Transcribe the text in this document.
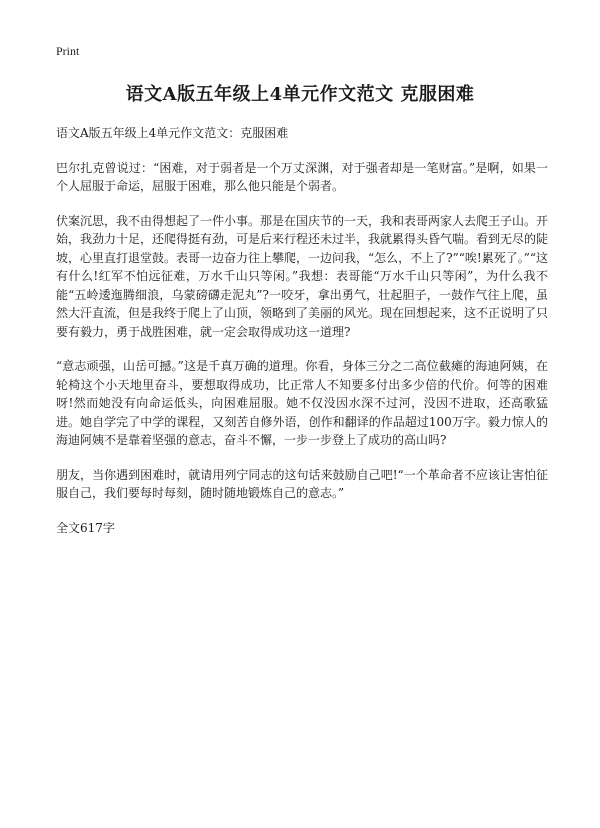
Print
语文A版五年级上4单元作文范文 克服困难

语文A版五年级上4单元作文范文：克服困难

巴尔扎克曾说过：“困难，对于弱者是一个万丈深渊，对于强者却是一笔财富。”是啊，如果一个人屈服于命运，屈服于困难，那么他只能是个弱者。

伏案沉思，我不由得想起了一件小事。那是在国庆节的一天，我和表哥两家人去爬王子山。开始，我劲力十足，还爬得挺有劲，可是后来行程还未过半，我就累得头昏气喘。看到无尽的陡坡，心里直打退堂鼓。表哥一边奋力往上攀爬，一边问我，“怎么，不上了?”“唉!累死了。”“这有什么!红军不怕远征难，万水千山只等闲。”我想：表哥能“万水千山只等闲”，为什么我不能“五岭逶迤腾细浪，乌蒙磅礴走泥丸”?一咬牙，拿出勇气，壮起胆子，一鼓作气往上爬，虽然大汗直流，但是我终于爬上了山顶，领略到了美丽的风光。现在回想起来，这不正说明了只要有毅力，勇于战胜困难，就一定会取得成功这一道理?

“意志顽强，山岳可撼。”这是千真万确的道理。你看，身体三分之二高位截瘫的海迪阿姨，在轮椅这个小天地里奋斗，要想取得成功，比正常人不知要多付出多少倍的代价。何等的困难呀!然而她没有向命运低头，向困难屈服。她不仅没因水深不过河，没因不进取，还高歌猛进。她自学完了中学的课程，又刻苦自修外语，创作和翻译的作品超过100万字。毅力惊人的海迪阿姨不是靠着坚强的意志，奋斗不懈，一步一步登上了成功的高山吗?

朋友，当你遇到困难时，就请用列宁同志的这句话来鼓励自己吧!“一个革命者不应该让害怕征服自己，我们要每时每刻，随时随地锻炼自己的意志。”

全文617字
